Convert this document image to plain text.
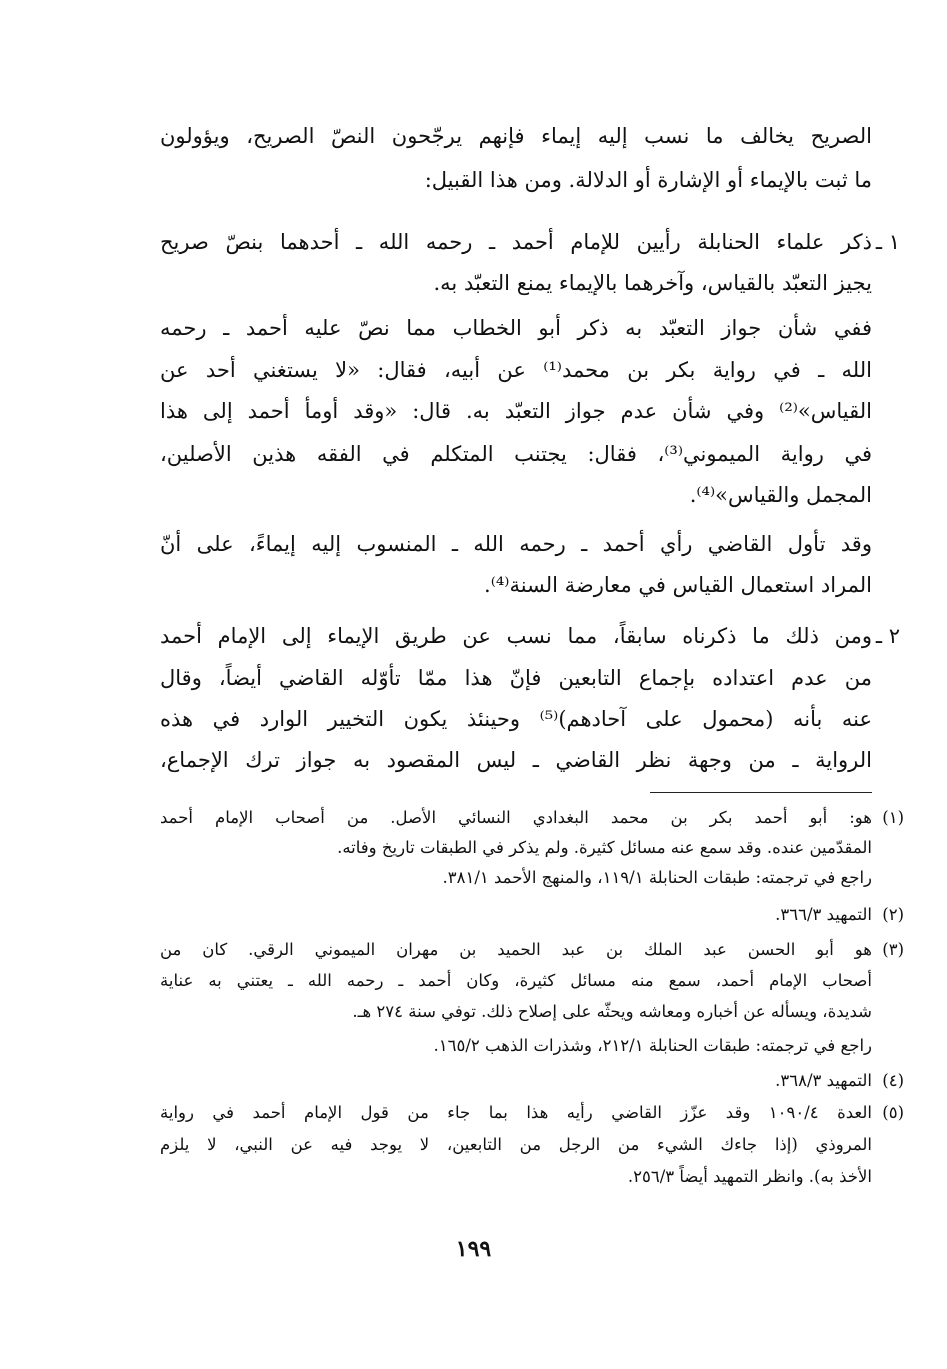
الصريح يخالف ما نسب إليه إيماء فإنهم يرجّحون النصّ الصريح، ويؤولون
ما ثبت بالإيماء أو الإشارة أو الدلالة. ومن هذا القبيل:
١ ـ
ذكر علماء الحنابلة رأيين للإمام أحمد ـ رحمه الله ـ أحدهما بنصّ صريح
يجيز التعبّد بالقياس، وآخرهما بالإيماء يمنع التعبّد به.
ففي شأن جواز التعبّد به ذكر أبو الخطاب مما نصّ عليه أحمد ـ رحمه
الله ـ في رواية بكر بن محمد⁽¹⁾ عن أبيه، فقال: «لا يستغني أحد عن
القياس»⁽²⁾ وفي شأن عدم جواز التعبّد به. قال: «وقد أومأ أحمد إلى هذا
في رواية الميموني⁽³⁾، فقال: يجتنب المتكلم في الفقه هذين الأصلين،
المجمل والقياس»⁽⁴⁾.
وقد تأول القاضي رأي أحمد ـ رحمه الله ـ المنسوب إليه إيماءً، على أنّ
المراد استعمال القياس في معارضة السنة⁽⁴⁾.
٢ ـ
ومن ذلك ما ذكرناه سابقاً، مما نسب عن طريق الإيماء إلى الإمام أحمد
من عدم اعتداده بإجماع التابعين فإنّ هذا ممّا تأوّله القاضي أيضاً، وقال
عنه بأنه (محمول على آحادهم)⁽⁵⁾ وحينئذ يكون التخيير الوارد في هذه
الرواية ـ من وجهة نظر القاضي ـ ليس المقصود به جواز ترك الإجماع،
(١)
هو: أبو أحمد بكر بن محمد البغدادي النسائي الأصل. من أصحاب الإمام أحمد
المقدّمين عنده. وقد سمع عنه مسائل كثيرة. ولم يذكر في الطبقات تاريخ وفاته.
راجع في ترجمته: طبقات الحنابلة ١١٩/١، والمنهج الأحمد ٣٨١/١.
(٢)
التمهيد ٣٦٦/٣.
(٣)
هو أبو الحسن عبد الملك بن عبد الحميد بن مهران الميموني الرقي. كان من
أصحاب الإمام أحمد، سمع منه مسائل كثيرة، وكان أحمد ـ رحمه الله ـ يعتني به عناية
شديدة، ويسأله عن أخباره ومعاشه ويحثّه على إصلاح ذلك. توفي سنة ٢٧٤ هـ.
راجع في ترجمته: طبقات الحنابلة ٢١٢/١، وشذرات الذهب ١٦٥/٢.
(٤)
التمهيد ٣٦٨/٣.
(٥)
العدة ١٠٩٠/٤ وقد عزّز القاضي رأيه هذا بما جاء من قول الإمام أحمد في رواية
المروذي (إذا جاءك الشيء من الرجل من التابعين، لا يوجد فيه عن النبي، لا يلزم
الأخذ به). وانظر التمهيد أيضاً ٢٥٦/٣.
١٩٩
